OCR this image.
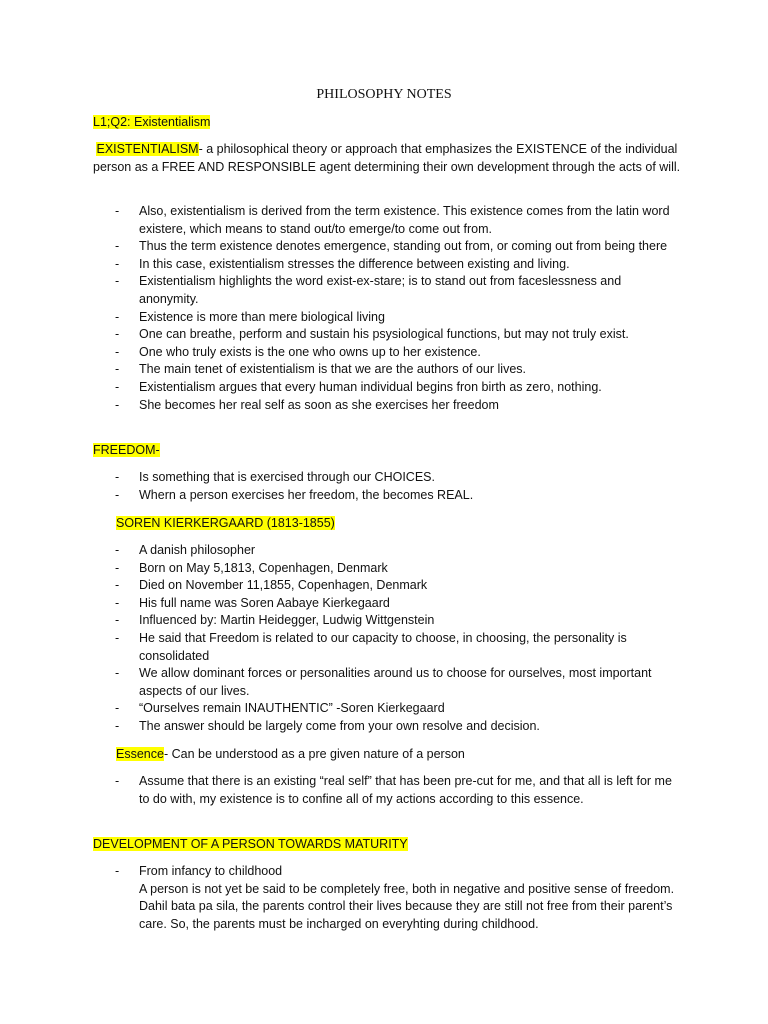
PHILOSOPHY NOTES
L1;Q2: Existentialism

EXISTENTIALISM- a philosophical theory or approach that emphasizes the EXISTENCE of the individual person as a FREE AND RESPONSIBLE agent determining their own development through the acts of will.

- Also, existentialism is derived from the term existence. This existence comes from the latin word existere, which means to stand out/to emerge/to come out from.
- Thus the term existence denotes emergence, standing out from, or coming out from being there
- In this case, existentialism stresses the difference between existing and living.
- Existentialism highlights the word exist-ex-stare; is to stand out from faceslessness and anonymity.
- Existence is more than mere biological living
- One can breathe, perform and sustain his psysiological functions, but may not truly exist.
- One who truly exists is the one who owns up to her existence.
- The main tenet of existentialism is that we are the authors of our lives.
- Existentialism argues that every human individual begins fron birth as zero, nothing.
- She becomes her real self as soon as she exercises her freedom
FREEDOM-
- Is something that is exercised through our CHOICES.
- Whern a person exercises her freedom, the becomes REAL.
SOREN KIERKERGAARD (1813-1855)
- A danish philosopher
- Born on May 5,1813, Copenhagen, Denmark
- Died on November 11,1855, Copenhagen, Denmark
- His full name was Soren Aabaye Kierkegaard
- Influenced by: Martin Heidegger, Ludwig Wittgenstein
- He said that Freedom is related to our capacity to choose, in choosing, the personality is consolidated
- We allow dominant forces or personalities around us to choose for ourselves, most important aspects of our lives.
- “Ourselves remain INAUTHENTIC” -Soren Kierkegaard
- The answer should be largely come from your own resolve and decision.

Essence- Can be understood as a pre given nature of a person

- Assume that there is an existing “real self” that has been pre-cut for me, and that all is left for me to do with, my existence is to confine all of my actions according to this essence.
DEVELOPMENT OF A PERSON TOWARDS MATURITY
- From infancy to childhood
A person is not yet be said to be completely free, both in negative and positive sense of freedom. Dahil bata pa sila, the parents control their lives because they are still not free from their parent’s care. So, the parents must be incharged on everyhting during childhood.
